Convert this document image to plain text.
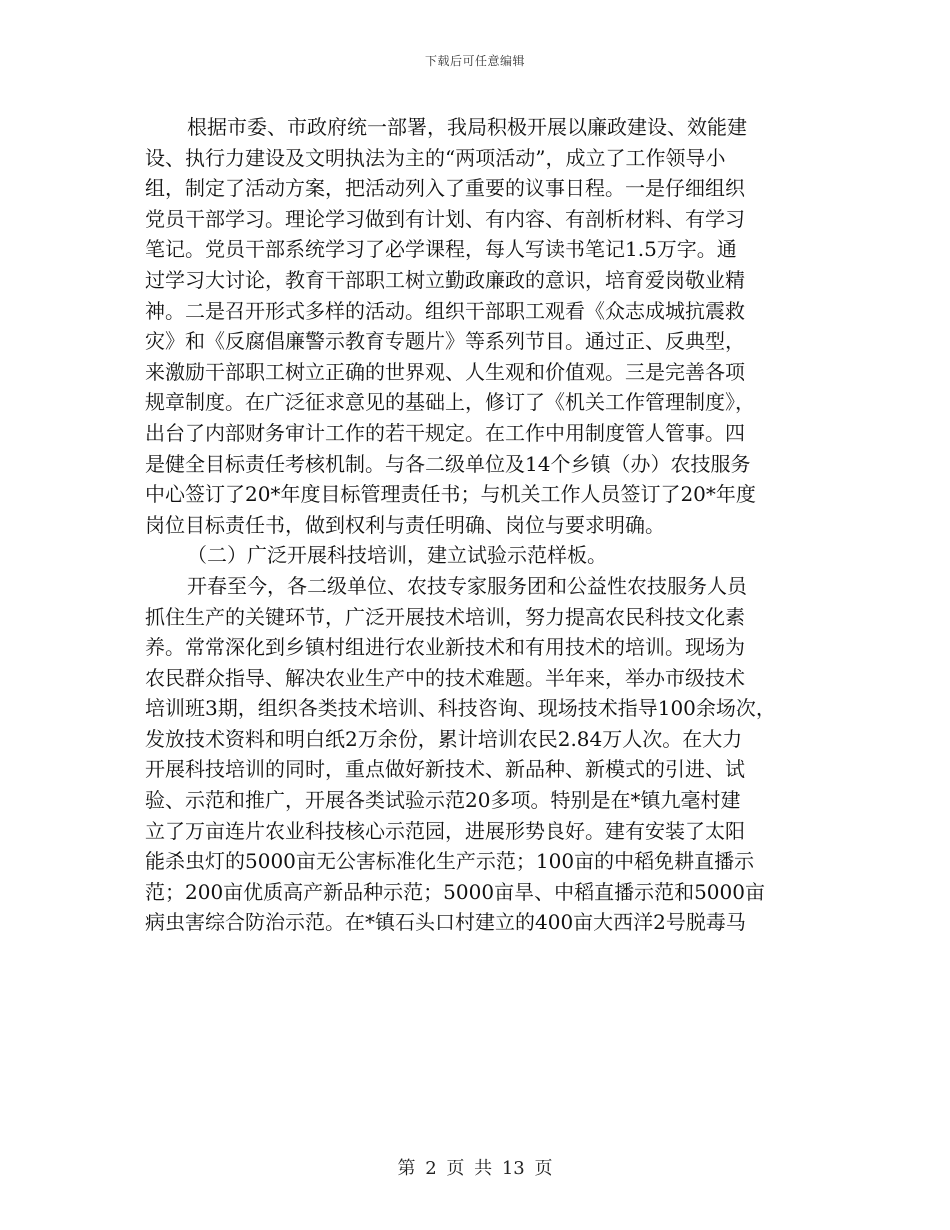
下载后可任意编辑
根据市委、市政府统一部署，我局积极开展以廉政建设、效能建
设、执行力建设及文明执法为主的“两项活动”，成立了工作领导小
组，制定了活动方案，把活动列入了重要的议事日程。一是仔细组织
党员干部学习。理论学习做到有计划、有内容、有剖析材料、有学习
笔记。党员干部系统学习了必学课程，每人写读书笔记1.5万字。通
过学习大讨论，教育干部职工树立勤政廉政的意识，培育爱岗敬业精
神。二是召开形式多样的活动。组织干部职工观看《众志成城抗震救
灾》和《反腐倡廉警示教育专题片》等系列节目。通过正、反典型，
来激励干部职工树立正确的世界观、人生观和价值观。三是完善各项
规章制度。在广泛征求意见的基础上，修订了《机关工作管理制度》，
出台了内部财务审计工作的若干规定。在工作中用制度管人管事。四
是健全目标责任考核机制。与各二级单位及14个乡镇（办）农技服务
中心签订了20*年度目标管理责任书；与机关工作人员签订了20*年度
岗位目标责任书，做到权利与责任明确、岗位与要求明确。
（二）广泛开展科技培训，建立试验示范样板。
开春至今，各二级单位、农技专家服务团和公益性农技服务人员
抓住生产的关键环节，广泛开展技术培训，努力提高农民科技文化素
养。常常深化到乡镇村组进行农业新技术和有用技术的培训。现场为
农民群众指导、解决农业生产中的技术难题。半年来，举办市级技术
培训班3期，组织各类技术培训、科技咨询、现场技术指导100余场次，
发放技术资料和明白纸2万余份，累计培训农民2.84万人次。在大力
开展科技培训的同时，重点做好新技术、新品种、新模式的引进、试
验、示范和推广，开展各类试验示范20多项。特别是在*镇九毫村建
立了万亩连片农业科技核心示范园，进展形势良好。建有安装了太阳
能杀虫灯的5000亩无公害标准化生产示范；100亩的中稻免耕直播示
范；200亩优质高产新品种示范；5000亩旱、中稻直播示范和5000亩
病虫害综合防治示范。在*镇石头口村建立的400亩大西洋2号脱毒马
第 2 页 共 13 页
